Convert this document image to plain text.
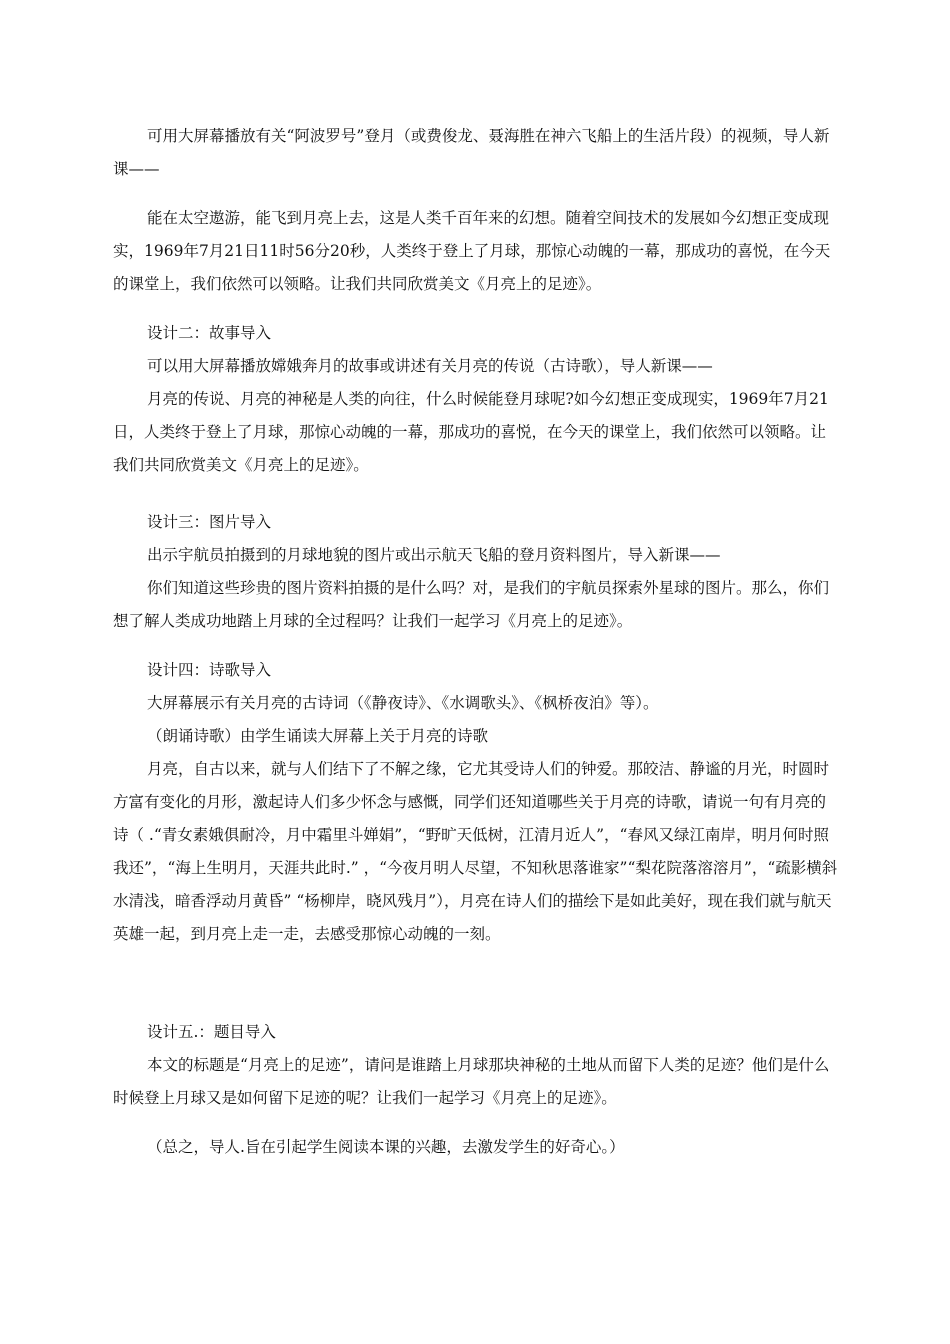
可用大屏幕播放有关“阿波罗号”登月（或费俊龙、聂海胜在神六飞船上的生活片段）的视频，导人新课——

能在太空遨游，能飞到月亮上去，这是人类千百年来的幻想。随着空间技术的发展如今幻想正变成现实，1969年7月21日11时56分20秒，人类终于登上了月球，那惊心动魄的一幕，那成功的喜悦，在今天的课堂上，我们依然可以领略。让我们共同欣赏美文《月亮上的足迹》。

设计二：故事导入

可以用大屏幕播放嫦娥奔月的故事或讲述有关月亮的传说（古诗歌），导人新课——

月亮的传说、月亮的神秘是人类的向往，什么时候能登月球呢?如今幻想正变成现实，1969年7月21日，人类终于登上了月球，那惊心动魄的一幕，那成功的喜悦，在今天的课堂上，我们依然可以领略。让我们共同欣赏美文《月亮上的足迹》。

设计三：图片导入

出示宇航员拍摄到的月球地貌的图片或出示航天飞船的登月资料图片，导入新课——

你们知道这些珍贵的图片资料拍摄的是什么吗？对，是我们的宇航员探索外星球的图片。那么，你们想了解人类成功地踏上月球的全过程吗？让我们一起学习《月亮上的足迹》。

设计四：诗歌导入

大屏幕展示有关月亮的古诗词（《静夜诗》、《水调歌头》、《枫桥夜泊》等）。

（朗诵诗歌）由学生诵读大屏幕上关于月亮的诗歌

月亮，自古以来，就与人们结下了不解之缘，它尤其受诗人们的钟爱。那皎洁、静谧的月光，时圆时方富有变化的月形，激起诗人们多少怀念与感慨，同学们还知道哪些关于月亮的诗歌，请说一句有月亮的诗（ .“青女素娥俱耐冷，月中霜里斗婵娟”，“野旷天低树，江清月近人”，“春风又绿江南岸，明月何时照我还”，“海上生明月，天涯共此时.” ，“今夜月明人尽望，不知秋思落谁家”“梨花院落溶溶月”，“疏影横斜水清浅，暗香浮动月黄昏” “杨柳岸，晓风残月”），月亮在诗人们的描绘下是如此美好，现在我们就与航天英雄一起，到月亮上走一走，去感受那惊心动魄的一刻。

设计五.：题目导入

本文的标题是“月亮上的足迹”，请问是谁踏上月球那块神秘的土地从而留下人类的足迹？他们是什么时候登上月球又是如何留下足迹的呢？让我们一起学习《月亮上的足迹》。

（总之，导人.旨在引起学生阅读本课的兴趣，去激发学生的好奇心。）
